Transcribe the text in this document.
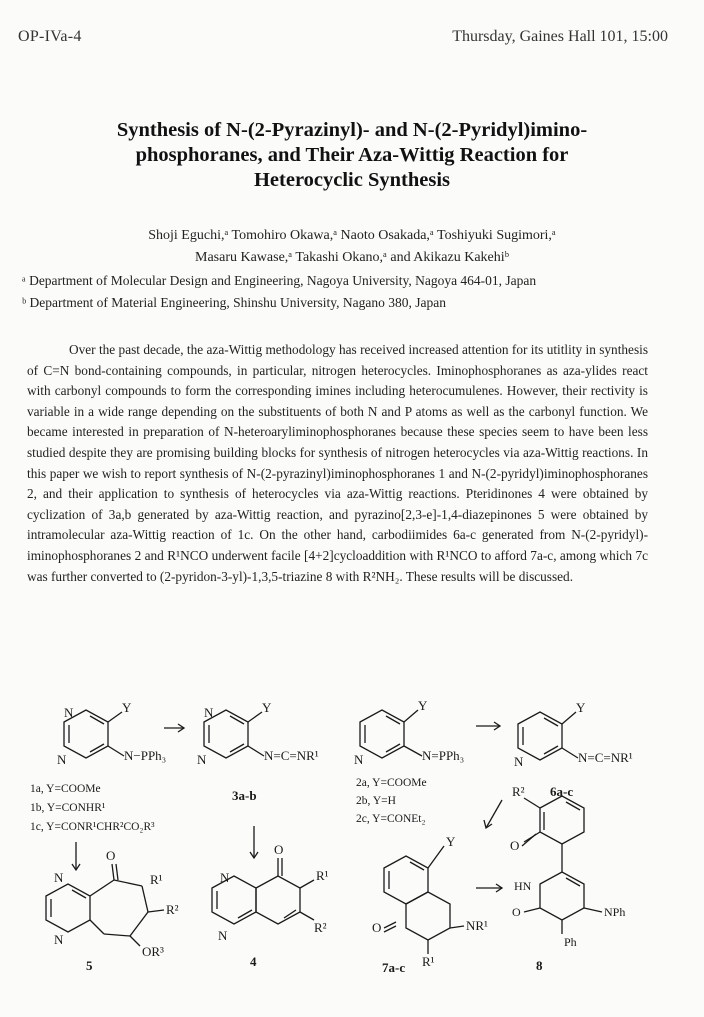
OP-IVa-4	Thursday, Gaines Hall 101, 15:00
Synthesis of N-(2-Pyrazinyl)- and N-(2-Pyridyl)imino-
phosphoranes, and Their Aza-Wittig Reaction for
Heterocyclic Synthesis
Shoji Eguchi,ᵃ Tomohiro Okawa,ᵃ Naoto Osakada,ᵃ Toshiyuki Sugimori,ᵃ
Masaru Kawase,ᵃ Takashi Okano,ᵃ and Akikazu Kakehiᵇ
ᵃ Department of Molecular Design and Engineering, Nagoya University, Nagoya 464-01, Japan
ᵇ Department of Material Engineering, Shinshu University, Nagano 380, Japan

Over the past decade, the aza-Wittig methodology has received increased attention for its utitlity in synthesis of C=N bond-containing compounds, in particular, nitrogen heterocycles. Iminophosphoranes as aza-ylides react with carbonyl compounds to form the corresponding imines including heterocumulenes. However, their rectivity is variable in a wide range depending on the substituents of both N and P atoms as well as the carbonyl function. We became interested in preparation of N-heteroaryliminophosphoranes because these species seem to have been less studied despite they are promising building blocks for synthesis of nitrogen heterocycles via aza-Wittig reactions. In this paper we wish to report synthesis of N-(2-pyrazinyl)iminophosphoranes 1 and N-(2-pyridyl)iminophosphoranes 2, and their application to synthesis of heterocycles via aza-Wittig reactions. Pteridinones 4 were obtained by cyclization of 3a,b generated by aza-Wittig reaction, and pyrazino[2,3-e]-1,4-diazepinones 5 were obtained by intramolecular aza-Wittig reaction of 1c. On the other hand, carbodiimides 6a-c generated from N-(2-pyridyl)-iminophosphoranes 2 and R¹NCO underwent facile [4+2]cycloaddition with R¹NCO to afford 7a-c, among which 7c was further converted to (2-pyridon-3-yl)-1,3,5-triazine 8 with R²NH₂. These results will be discussed.

N	Y
N	N−PPh₃
1a, Y=COOMe
1b, Y=CONHR¹
1c, Y=CONR¹CHR²CO₂R³
N	Y
N	N=C=NR¹
3a-b
Y
N	N=PPh₃
2a, Y=COOMe
2b, Y=H
2c, Y=CONEt₂
Y
N	N=C=NR¹
6a-c
O
R¹
R²
OR³
N
N
5
O
R¹
R²
N
N
4
Y
NR¹
O
R¹
7a-c
R²
O
HN
NPh
O
Ph
8
